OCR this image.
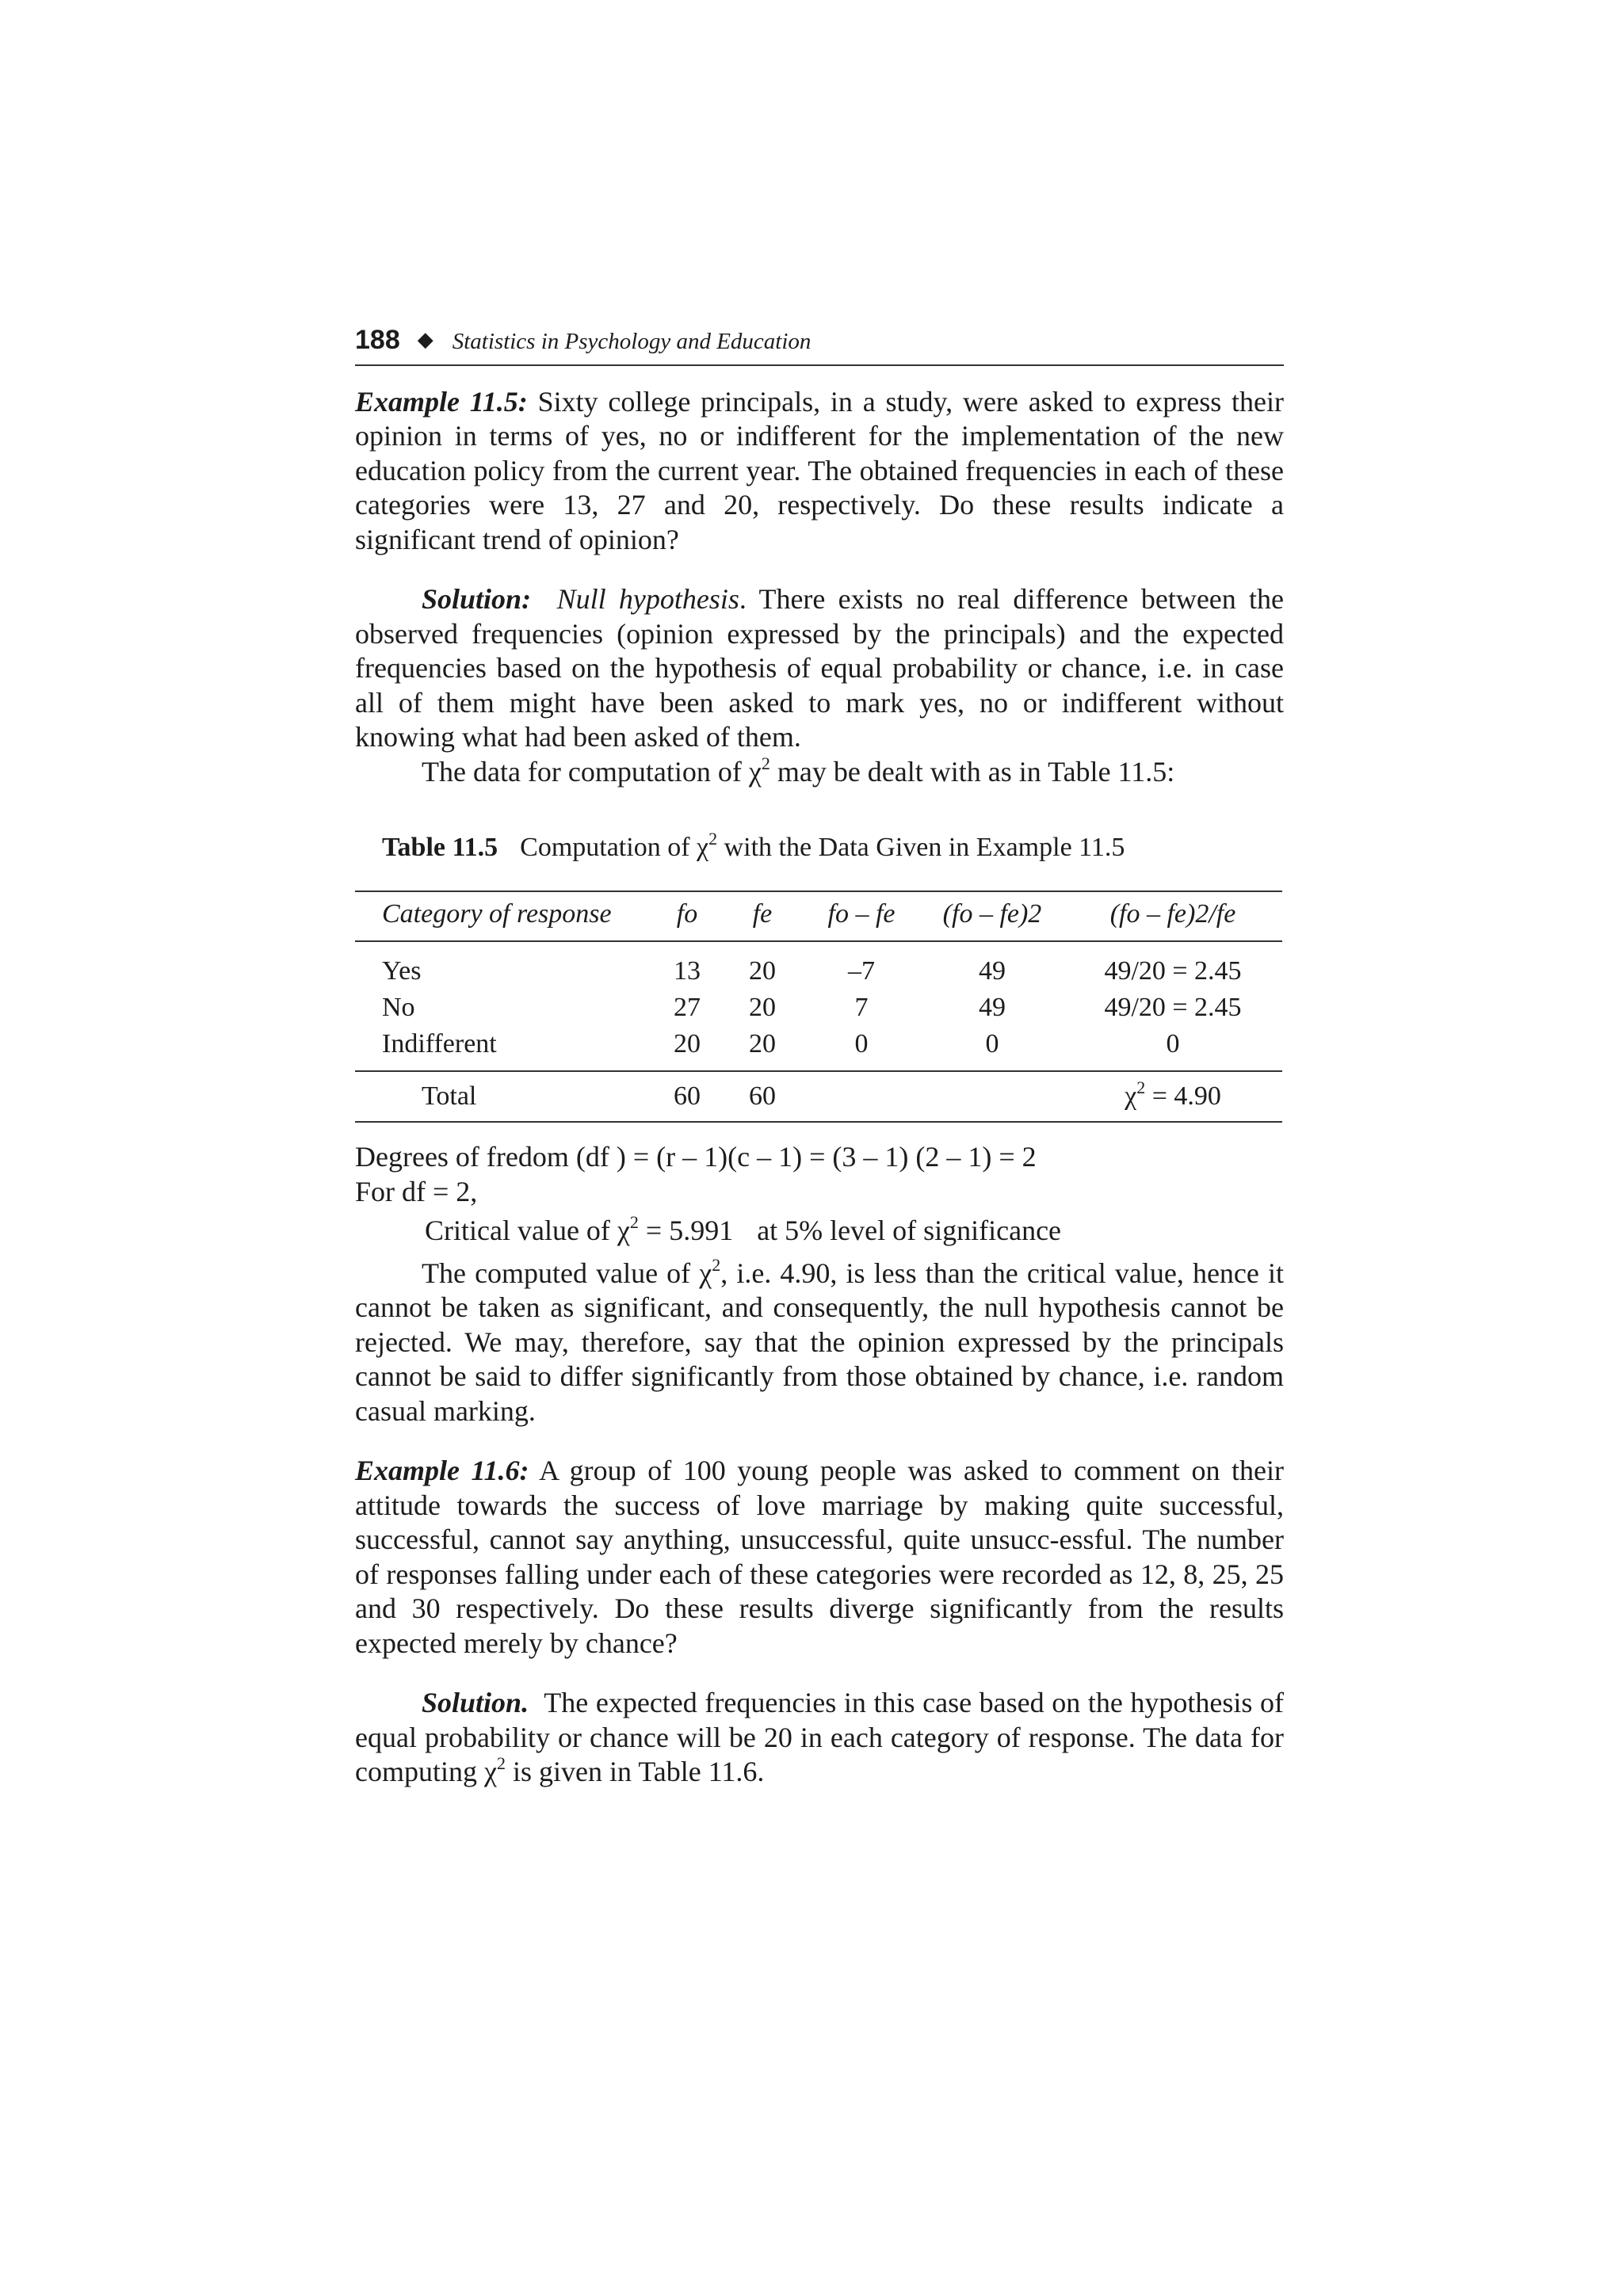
188 ◆ Statistics in Psychology and Education

Example 11.5: Sixty college principals, in a study, were asked to express their opinion in terms of yes, no or indifferent for the implementation of the new education policy from the current year. The obtained frequencies in each of these categories were 13, 27 and 20, respectively. Do these results indicate a significant trend of opinion?

Solution: Null hypothesis. There exists no real difference between the observed frequencies (opinion expressed by the principals) and the expected frequencies based on the hypothesis of equal probability or chance, i.e. in case all of them might have been asked to mark yes, no or indifferent without knowing what had been asked of them.

The data for computation of $\chi^2$ may be dealt with as in Table 11.5:

Table 11.5 Computation of $\chi^2$ with the Data Given in Example 11.5
Category of response	fo	fe	fo – fe	(fo – fe)2	(fo – fe)2/fe
Yes	13	20	–7	49	49/20 = 2.45
No	27	20	7	49	49/20 = 2.45
Indifferent	20	20	0	0	0
Total	60	60			$\chi^2 = 4.90$

Degrees of fredom (df ) = (r – 1)(c – 1) = (3 – 1) (2 – 1) = 2

For df = 2,

Critical value of $\chi^2 = 5.991$ at 5% level of significance

The computed value of $\chi^2$, i.e. 4.90, is less than the critical value, hence it cannot be taken as significant, and consequently, the null hypothesis cannot be rejected. We may, therefore, say that the opinion expressed by the principals cannot be said to differ significantly from those obtained by chance, i.e. random casual marking.

Example 11.6: A group of 100 young people was asked to comment on their attitude towards the success of love marriage by making quite successful, successful, cannot say anything, unsuccessful, quite unsucc-essful. The number of responses falling under each of these categories were recorded as 12, 8, 25, 25 and 30 respectively. Do these results diverge significantly from the results expected merely by chance?

Solution. The expected frequencies in this case based on the hypothesis of equal probability or chance will be 20 in each category of response. The data for computing $\chi^2$ is given in Table 11.6.
